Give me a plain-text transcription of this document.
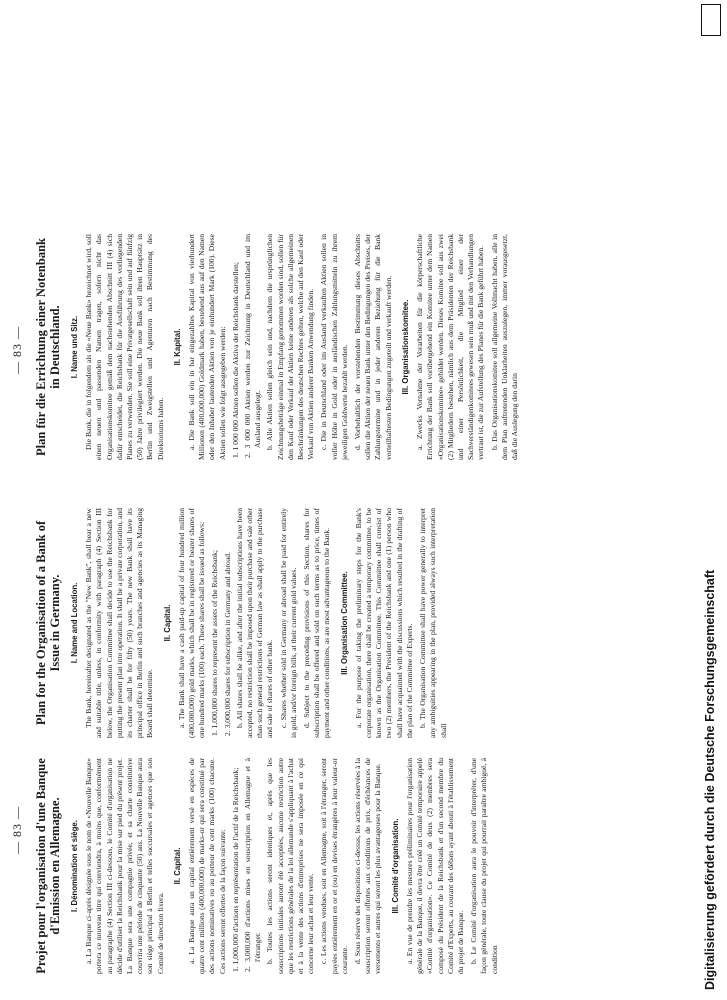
— 83 —
— 83 —
Projet pour l'organisation d'une Banque d'Emission en Allemagne. I. Dénomination et siège. a. La Banque ci-après désignée sous le nom de «Nouvelle Banque» portera ce nouveau titre qui conviendra, à moins que, conformément au paragraphe (4) Section III ci-dessous, le Comité d'organisation ne décide d'utiliser la Reichsbank pour la mise sur pied du présent projet. La Banque sera une compagnie privée, et sa charte constitutive couvrira une période de cinquante (50) ans. La Nouvelle Banque aura son siège principal à Berlin et telles succursales et agences que son Comité de direction fixera.

II. Capital. a. La Banque aura un capital entièrement versé en espèces de quatre cent millions (400,000,000) de marks-or qui sera constitué par des actions nominatives ou au porteur de cent marks (100) chacune. Ces actions seront offertes de la façon suivante: 1. 1,000,000 d'actions en représentation de l'actif de la Reichsbank; 2. 3,000,000 d'actions mises en souscription en Allemagne et à l'étranger. b. Toutes les actions seront identiques et, après que les souscriptions initiales auront été acceptées, aucune restriction autre que les restrictions générales de la loi allemande s'appliquant à l'achat et à la vente des actions d'entreprises ne sera imposée en ce qui concerne leur achat et leur vente. c. Les actions vendues, soit en Allemagne, soit à l'étranger, seront payées entièrement en or et (ou) en devises étrangères à leur valeur-or courante. d. Sous réserve des dispositions ci-dessus, les actions réservées à la souscription seront offertes aux conditions de prix, d'échéances de versements et autres qui seront les plus avantageuses pour la Banque. III. Comité d'organisation. a. En vue de prendre les mesures préliminaires pour l'organisation générale de la Banque, il devra être créé un Comité temporaire appelé «Comité d'organisation». Ce Comité de deux (2) membres sera composé du Président de la Reichsbank et d'un second membre du Comité d'Experts, au courant des débats ayant abouti à l'établissement du projet de Banque. b. Le Comité d'organisation aura le pouvoir d'interpréter, d'une façon générale, toute clause du projet qui pourrait paraître ambiguë, à condition

Plan for the Organisation of a Bank of Issue in Germany. I. Name and Location. The Bank, hereinafter designated as the "New Bank", shall bear a new and suitable title, unless, in conformity with paragraph (4) Section III below, the Organisation Committee shall decide to use the Reichsbank for putting the present plan into operation. It shall be a private corporation, and its charter shall be for fifty (50) years. The new Bank shall have its principal office in Berlin and such branches and agencies as its Managing Board shall determine.

II. Capital. a. The Bank shall have a cash paid-up capital of four hundred million (400,000,000) gold marks, which shall be in registered or bearer shares of one hundred marks (100) each. These shares shall be issued as follows: 1. 1,000,000 shares to represent the assets of the Reichsbank; 2. 3,000,000 shares for subscription in Germany and abroad. b. All shares shall be alike, and after the initial subscriptions have been accepted, no restriction shall be imposed upon their purchase and sale other than such general restrictions of German law as shall apply to the purchase and sale of shares of other bank. c. Shares whether sold in Germany or abroad shall be paid for entirely in gold, and/or foreign bills, at their current gold values. d. Subject to the preceding provisions of this Section, shares for subscription shall be offered and sold on such terms as to price, times of payment and other conditions, as are most advantageous to the Bank. III. Organisation Committee. a. For the purpose of taking the preliminary steps for the Bank's corporate organisation, there shall be created a temporary committee, to be known as the Organisation Committee. This Committee shall consist of two (2) members, the President of the Reichsbank and one (1) person who shall have acquainted with the discussions which resulted in the drafting of the plan of the Committee of Experts. b. The Organisation Committee shall have power generally to interpret any ambiguities appearing in the plan, provided always such interpretation shall

Plan für die Errichtung einer Notenbank in Deutschland. I. Name und Sitz. Die Bank, die in folgendem als die «Neue Bank» bezeichnet wird, soll einen neuen und passenden Namen tragen, sofern nicht das Organisationskomitee gemäß dem nachstehenden Abschnitt III (4) sich dafür entscheidet, die Reichsbank für die Ausführung des vorliegenden Planes zu verwenden. Sie soll eine Privatgesellschaft sein und auf fünfzig (50) Jahre privilegiert werden. Die neue Bank soll ihren Hauptsitz in Berlin und Zweigstellen und Agenturen nach Bestimmung des Direktoriums haben.

II. Kapital. a. Die Bank soll ein in bar eingezahltes Kapital von vierhundert Millionen (400,000,000) Goldmark haben, bestehend aus auf den Namen oder den Inhaber lautenden Aktien von je einhundert Mark (100). Diese Aktien sollen wie folgt ausgegeben werden: 1. 1 000 000 Aktien sollen die Aktiva der Reichsbank darstellen; 2. 3 000 000 Aktien werden zur Zeichnung in Deutschland und im Ausland ausgelegt. b. Alle Aktien sollen gleich sein und, nachdem die ursprünglichen Zeichnungsbeträge einmal in Empfang genommen worden sind, sollen für den Kauf oder Verkauf der Aktien keine anderen als solche allgemeinen Beschränkungen des deutschen Rechtes gelten, welche auf den Kauf oder Verkauf von Aktien anderer Banken Anwendung finden. c. Die in Deutschland oder im Ausland verkauften Aktien sollen in voller Höhe in Gold oder in ausländischen Zahlungsmitteln zu ihrem jeweiligen Goldwerte bezahlt werden. d. Vorbehaltlich der vorstehenden Bestimmung dieses Abschnitts sollen die Aktien der neuen Bank unter den Bedingungen des Preises, der Zahlungstermine und in jeder anderen Beziehung für die Bank vorteilhaftesten Bedingungen zugeteilt und verkauft werden. III. Organisationskomitee. a. Zwecks Vornahme der Vorarbeiten für die körperschaftliche Errichtung der Bank soll vorübergehend ein Komitee unter dem Namen «Organisationskomitee» gebildet werden. Dieses Komitee soll aus zwei (2) Mitgliedern bestehen, nämlich aus dem Präsidenten der Reichsbank und einer Persönlichkeit, die Mitglied einer der Sachverständigenkomitees gewesen sein muß und mit den Verhandlungen vertraut ist, die zur Aufstellung des Planes für die Bank geführt haben. b. Das Organisationskomitee soll allgemeine Vollmacht haben, alle in dem Plan auftretenden Unklarheiten auszulegen, immer vorausgesetzt, daß die Auslegung den darin

Digitalisierung gefördert durch die Deutsche Forschungsgemeinschaft
